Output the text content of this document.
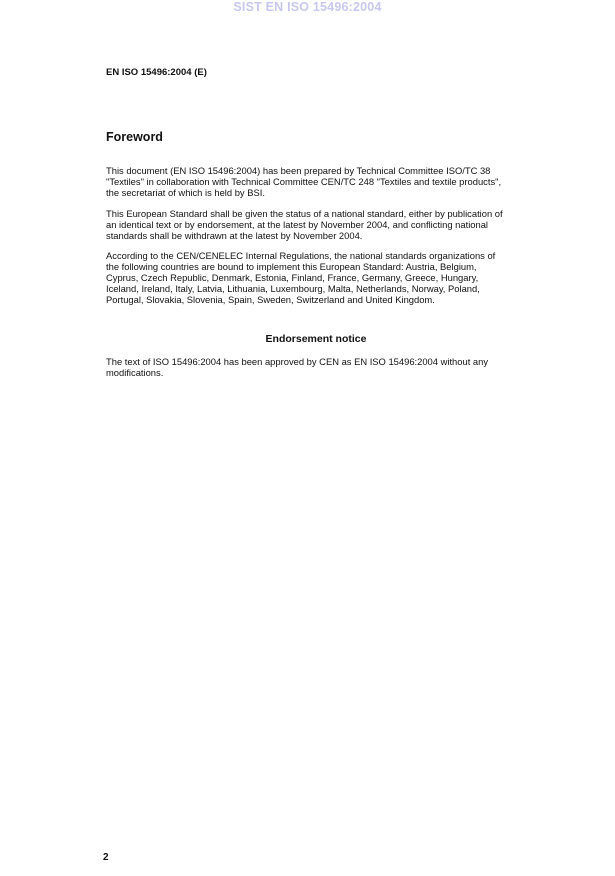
SIST EN ISO 15496:2004
EN ISO 15496:2004 (E)
Foreword
This document (EN ISO 15496:2004) has been prepared by Technical Committee ISO/TC 38
"Textiles" in collaboration with Technical Committee CEN/TC 248 "Textiles and textile products",
the secretariat of which is held by BSI.
This European Standard shall be given the status of a national standard, either by publication of
an identical text or by endorsement, at the latest by November 2004, and conflicting national
standards shall be withdrawn at the latest by November 2004.
According to the CEN/CENELEC Internal Regulations, the national standards organizations of
the following countries are bound to implement this European Standard: Austria, Belgium,
Cyprus, Czech Republic, Denmark, Estonia, Finland, France, Germany, Greece, Hungary,
Iceland, Ireland, Italy, Latvia, Lithuania, Luxembourg, Malta, Netherlands, Norway, Poland,
Portugal, Slovakia, Slovenia, Spain, Sweden, Switzerland and United Kingdom.
Endorsement notice
The text of ISO 15496:2004 has been approved by CEN as EN ISO 15496:2004 without any
modifications.
2
